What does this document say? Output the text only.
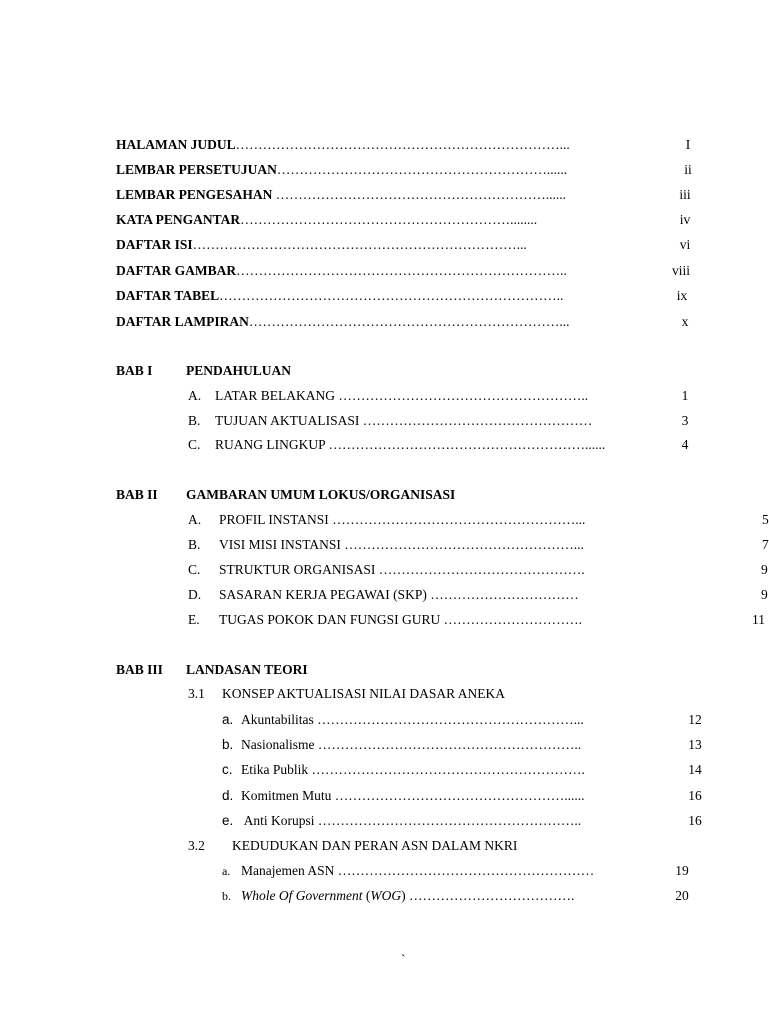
HALAMAN JUDUL………………………………………………………………...	I
LEMBAR PERSETUJUAN……………………………………………………......	ii
LEMBAR PENGESAHAN ……………………………………………………......	iii
KATA PENGANTAR……………………………………………………........	iv
DAFTAR ISI………………………………………………………………...	vi
DAFTAR GAMBAR………………………………………………………………..	viii
DAFTAR TABEL…………………………………………………………………..	ix
DAFTAR LAMPIRAN……………………………………………………………...	x
BAB I PENDAHULUAN
A. LATAR BELAKANG ………………………………………………..	1
B. TUJUAN AKTUALISASI ……………………………………………	3
C. RUANG LINGKUP …………………………………………………......	4
BAB II GAMBARAN UMUM LOKUS/ORGANISASI
A. PROFIL INSTANSI ………………………………………………...	5
B. VISI MISI INSTANSI ……………………………………………...	7
C. STRUKTUR ORGANISASI ……………………………………….	9
D. SASARAN KERJA PEGAWAI (SKP) ……………………………	9
E. TUGAS POKOK DAN FUNGSI GURU ………………………….	11
BAB III LANDASAN TEORI
3.1 KONSEP AKTUALISASI NILAI DASAR ANEKA
a. Akuntabilitas …………………………………………………...	12
b. Nasionalisme …………………………………………………..	13
c. Etika Publik …………………………………………………….	14
d. Komitmen Mutu ……………………………………………......	16
e. Anti Korupsi …………………………………………………..	16
3.2 KEDUDUKAN DAN PERAN ASN DALAM NKRI
a. Manajemen ASN …………………………………………………	19
b. Whole Of Government (WOG) ……………………………….	20
`
